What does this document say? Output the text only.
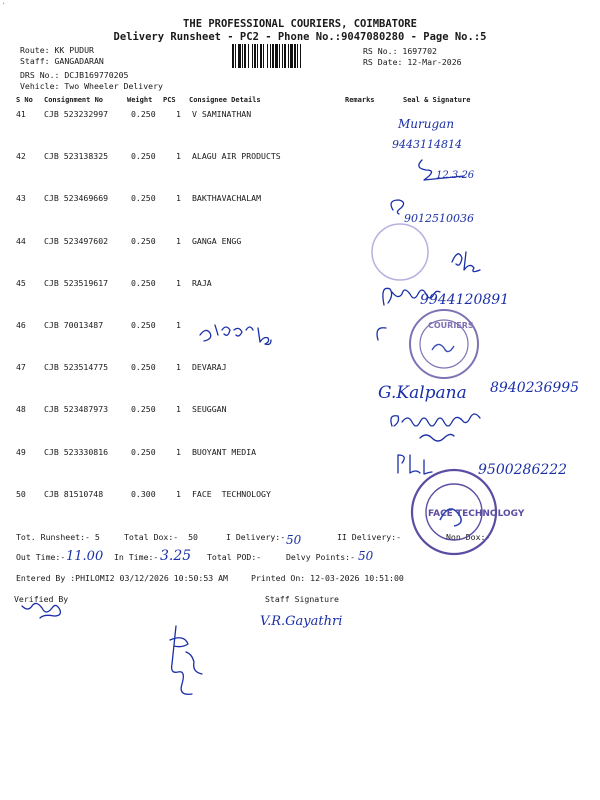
'
THE PROFESSIONAL COURIERS, COIMBATORE
Delivery Runsheet - PC2 - Phone No.:9047080280 - Page No.:5
Route: KK PUDUR
Staff: GANGADARAN
DRS No.: DCJB169770205
Vehicle: Two Wheeler Delivery
RS No.: 1697702
RS Date: 12-Mar-2026
S No Consignment No	Weight PCS Consignee Details	Remarks	Seal & Signature
41 CJB 523232997	0.250 1 V SAMINATHAN
42 CJB 523138325	0.250 1 ALAGU AIR PRODUCTS
43 CJB 523469669	0.250 1 BAKTHAVACHALAM
44 CJB 523497602	0.250 1 GANGA ENGG
45 CJB 523519617	0.250 1 RAJA
46 CJB 70013487	0.250 1
47 CJB 523514775	0.250 1 DEVARAJ
48 CJB 523487973	0.250 1 SEUGGAN
49 CJB 523330816	0.250 1 BUOYANT MEDIA
50 CJB 81510748	0.300 1 FACE  TECHNOLOGY
Tot. Runsheet:- 5	Total Dox:-  50	I Delivery:-	II Delivery:-	Non Dox:-
Out Time:-	In Time:-	Total POD:-	Delvy Points:-
Entered By :PHILOMI2 03/12/2026 10:50:53 AM	Printed On: 12-03-2026 10:51:00
Verified By	Staff Signature
Murugan
9443114814
12.3.26
9012510036
9944120891
G.Kalpana 8940236995
9500286222
50
11.00	3.25	50
V.R.Gayathri
COURIERS
FACE TECHNOLOGY
